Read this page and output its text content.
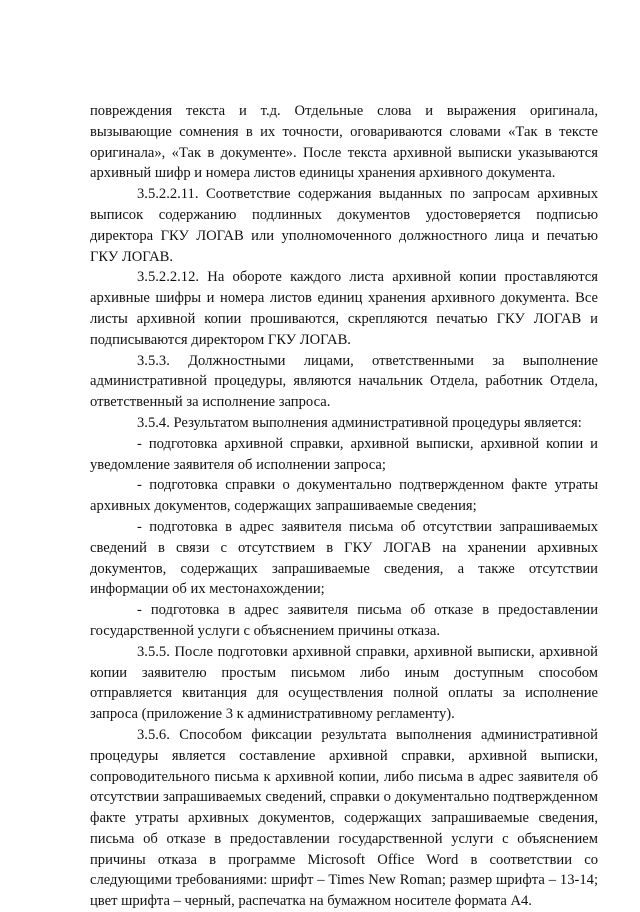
повреждения текста и т.д. Отдельные слова и выражения оригинала, вызывающие сомнения в их точности, оговариваются словами «Так в тексте оригинала», «Так в документе». После текста архивной выписки указываются архивный шифр и номера листов единицы хранения архивного документа.

3.5.2.2.11. Соответствие содержания выданных по запросам архивных выписок содержанию подлинных документов удостоверяется подписью директора ГКУ ЛОГАВ или уполномоченного должностного лица и печатью ГКУ ЛОГАВ.

3.5.2.2.12. На обороте каждого листа архивной копии проставляются архивные шифры и номера листов единиц хранения архивного документа. Все листы архивной копии прошиваются, скрепляются печатью ГКУ ЛОГАВ и подписываются директором ГКУ ЛОГАВ.

3.5.3. Должностными лицами, ответственными за выполнение административной процедуры, являются начальник Отдела, работник Отдела, ответственный за исполнение запроса.

3.5.4. Результатом выполнения административной процедуры является:

- подготовка архивной справки, архивной выписки, архивной копии и уведомление заявителя об исполнении запроса;

- подготовка справки о документально подтвержденном факте утраты архивных документов, содержащих запрашиваемые сведения;

- подготовка в адрес заявителя письма об отсутствии запрашиваемых сведений в связи с отсутствием в ГКУ ЛОГАВ на хранении архивных документов, содержащих запрашиваемые сведения, а также отсутствии информации об их местонахождении;

- подготовка в адрес заявителя письма об отказе в предоставлении государственной услуги с объяснением причины отказа.

3.5.5. После подготовки архивной справки, архивной выписки, архивной копии заявителю простым письмом либо иным доступным способом отправляется квитанция для осуществления полной оплаты за исполнение запроса (приложение 3 к административному регламенту).

3.5.6. Способом фиксации результата выполнения административной процедуры является составление архивной справки, архивной выписки, сопроводительного письма к архивной копии, либо письма в адрес заявителя об отсутствии запрашиваемых сведений, справки о документально подтвержденном факте утраты архивных документов, содержащих запрашиваемые сведения, письма об отказе в предоставлении государственной услуги с объяснением причины отказа в программе Microsoft Office Word в соответствии со следующими требованиями: шрифт – Times New Roman; размер шрифта – 13-14; цвет шрифта – черный, распечатка на бумажном носителе формата А4.
